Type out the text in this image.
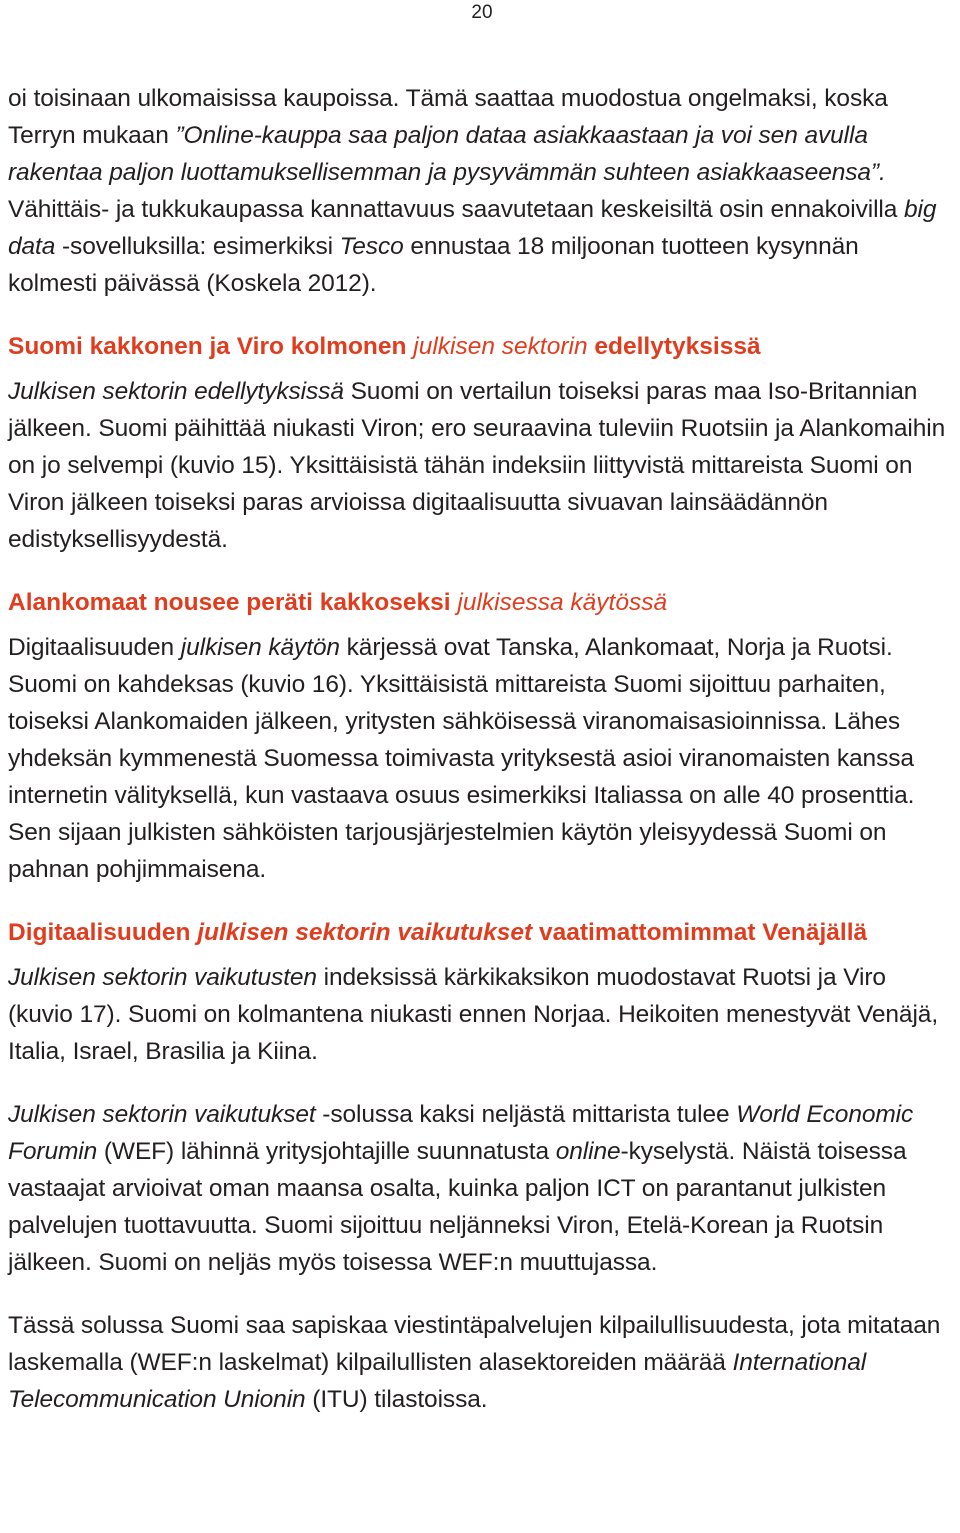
20

oi toisinaan ulkomaisissa kaupoissa. Tämä saattaa muodostua ongelmaksi, koska Terryn mukaan ”Online-kauppa saa paljon dataa asiakkaastaan ja voi sen avulla rakentaa paljon luottamuksellisemman ja pysyvämmän suhteen asiakkaaseensa”. Vähittäis- ja tukkukaupassa kannattavuus saavutetaan keskeisiltä osin ennakoivilla big data -sovelluksilla: esimerkiksi Tesco ennustaa 18 miljoonan tuotteen kysynnän kolmesti päivässä (Koskela 2012).

Suomi kakkonen ja Viro kolmonen julkisen sektorin edellytyksissä

Julkisen sektorin edellytyksissä Suomi on vertailun toiseksi paras maa Iso-Britannian jälkeen. Suomi päihittää niukasti Viron; ero seuraavina tuleviin Ruotsiin ja Alankomaihin on jo selvempi (kuvio 15). Yksittäisistä tähän indeksiin liittyvistä mittareista Suomi on Viron jälkeen toiseksi paras arvioissa digitaalisuutta sivuavan lainsäädännön edistyksellisyydestä.

Alankomaat nousee peräti kakkoseksi julkisessa käytössä

Digitaalisuuden julkisen käytön kärjessä ovat Tanska, Alankomaat, Norja ja Ruotsi. Suomi on kahdeksas (kuvio 16). Yksittäisistä mittareista Suomi sijoittuu parhaiten, toiseksi Alankomaiden jälkeen, yritysten sähköisessä viranomaisasioinnissa. Lähes yhdeksän kymmenestä Suomessa toimivasta yrityksestä asioi viranomaisten kanssa internetin välityksellä, kun vastaava osuus esimerkiksi Italiassa on alle 40 prosenttia. Sen sijaan julkisten sähköisten tarjousjärjestelmien käytön yleisyydessä Suomi on pahnan pohjimmaisena.

Digitaalisuuden julkisen sektorin vaikutukset vaatimattomimmat Venäjällä

Julkisen sektorin vaikutusten indeksissä kärkikaksikon muodostavat Ruotsi ja Viro (kuvio 17). Suomi on kolmantena niukasti ennen Norjaa. Heikoiten menestyvät Venäjä, Italia, Israel, Brasilia ja Kiina.

Julkisen sektorin vaikutukset -solussa kaksi neljästä mittarista tulee World Economic Forumin (WEF) lähinnä yritysjohtajille suunnatusta online-kyselystä. Näistä toisessa vastaajat arvioivat oman maansa osalta, kuinka paljon ICT on parantanut julkisten palvelujen tuottavuutta. Suomi sijoittuu neljänneksi Viron, Etelä-Korean ja Ruotsin jälkeen. Suomi on neljäs myös toisessa WEF:n muuttujassa.

Tässä solussa Suomi saa sapiskaa viestintäpalvelujen kilpailullisuudesta, jota mitataan laskemalla (WEF:n laskelmat) kilpailullisten alasektoreiden määrää International Telecommunication Unionin (ITU) tilastoissa.
